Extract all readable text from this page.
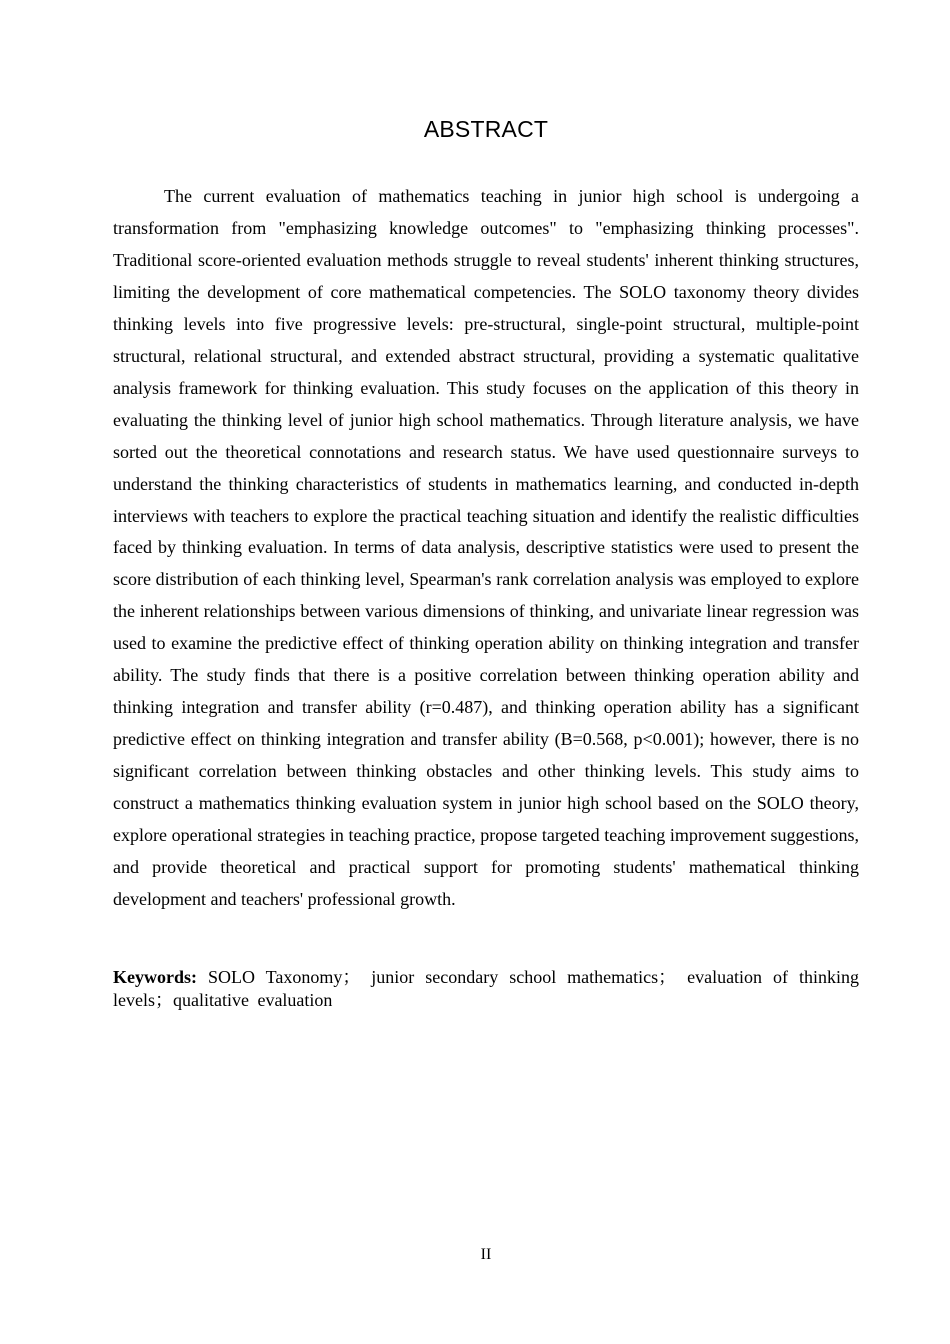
ABSTRACT

The current evaluation of mathematics teaching in junior high school is undergoing a transformation from "emphasizing knowledge outcomes" to "emphasizing thinking processes". Traditional score-oriented evaluation methods struggle to reveal students' inherent thinking structures, limiting the development of core mathematical competencies. The SOLO taxonomy theory divides thinking levels into five progressive levels: pre-structural, single-point structural, multiple-point structural, relational structural, and extended abstract structural, providing a systematic qualitative analysis framework for thinking evaluation. This study focuses on the application of this theory in evaluating the thinking level of junior high school mathematics. Through literature analysis, we have sorted out the theoretical connotations and research status. We have used questionnaire surveys to understand the thinking characteristics of students in mathematics learning, and conducted in-depth interviews with teachers to explore the practical teaching situation and identify the realistic difficulties faced by thinking evaluation. In terms of data analysis, descriptive statistics were used to present the score distribution of each thinking level, Spearman's rank correlation analysis was employed to explore the inherent relationships between various dimensions of thinking, and univariate linear regression was used to examine the predictive effect of thinking operation ability on thinking integration and transfer ability. The study finds that there is a positive correlation between thinking operation ability and thinking integration and transfer ability (r=0.487), and thinking operation ability has a significant predictive effect on thinking integration and transfer ability (B=0.568, p<0.001); however, there is no significant correlation between thinking obstacles and other thinking levels. This study aims to construct a mathematics thinking evaluation system in junior high school based on the SOLO theory, explore operational strategies in teaching practice, propose targeted teaching improvement suggestions, and provide theoretical and practical support for promoting students' mathematical thinking development and teachers' professional growth.

Keywords: SOLO Taxonomy； junior secondary school mathematics； evaluation of thinking levels；qualitative evaluation

II
